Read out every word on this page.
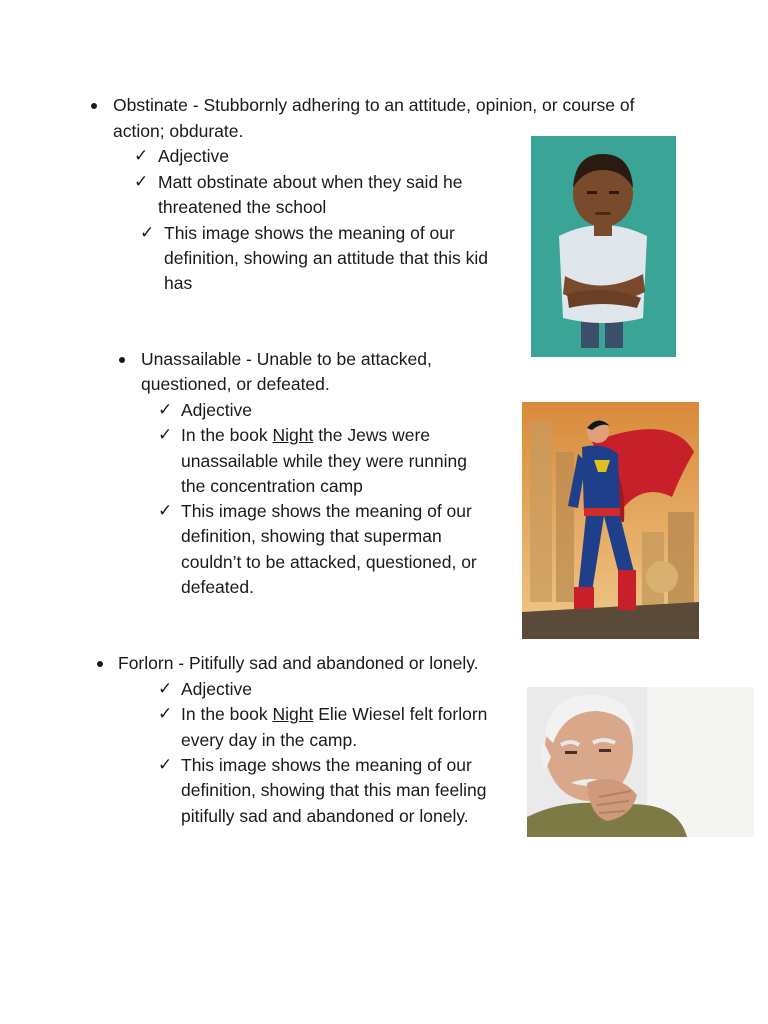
Obstinate - Stubbornly adhering to an attitude, opinion, or course of

action; obdurate.

✓ Adjective

✓ Matt obstinate about when they said he

threatened the school

✓ This image shows the meaning of our

definition, showing an attitude that this kid

has

Unassailable - Unable to be attacked,

questioned, or defeated.

✓ Adjective

✓ In the book Night the Jews were

unassailable while they were running

the concentration camp

✓ This image shows the meaning of our

definition, showing that superman

couldn’t to be attacked, questioned, or

defeated.

Forlorn - Pitifully sad and abandoned or lonely.

✓ Adjective

✓ In the book Night Elie Wiesel felt forlorn

every day in the camp.

✓ This image shows the meaning of our

definition, showing that this man feeling

pitifully sad and abandoned or lonely.
